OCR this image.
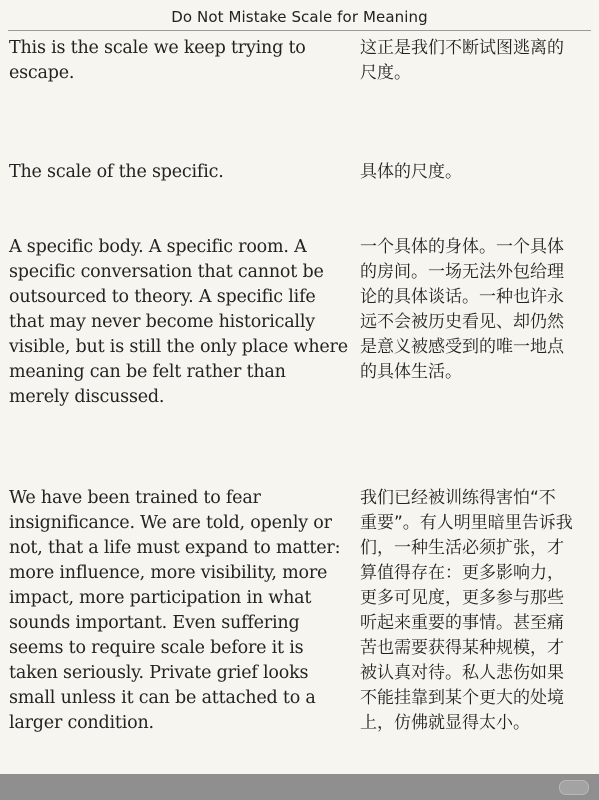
Do Not Mistake Scale for Meaning
This is the scale we keep trying to
escape.
这正是我们不断试图逃离的
尺度。
The scale of the specific.	具体的尺度。
A specific body. A specific room. A
specific conversation that cannot be
outsourced to theory. A specific life
that may never become historically
visible, but is still the only place where
meaning can be felt rather than
merely discussed.
一个具体的身体。一个具体
的房间。一场无法外包给理
论的具体谈话。一种也许永
远不会被历史看见、却仍然
是意义被感受到的唯一地点
的具体生活。
We have been trained to fear
insignificance. We are told, openly or
not, that a life must expand to matter:
more influence, more visibility, more
impact, more participation in what
sounds important. Even suffering
seems to require scale before it is
taken seriously. Private grief looks
small unless it can be attached to a
larger condition.
我们已经被训练得害怕“不
重要”。有人明里暗里告诉我
们，一种生活必须扩张，才
算值得存在：更多影响力，
更多可见度，更多参与那些
听起来重要的事情。甚至痛
苦也需要获得某种规模，才
被认真对待。私人悲伤如果
不能挂靠到某个更大的处境
上，仿佛就显得太小。
